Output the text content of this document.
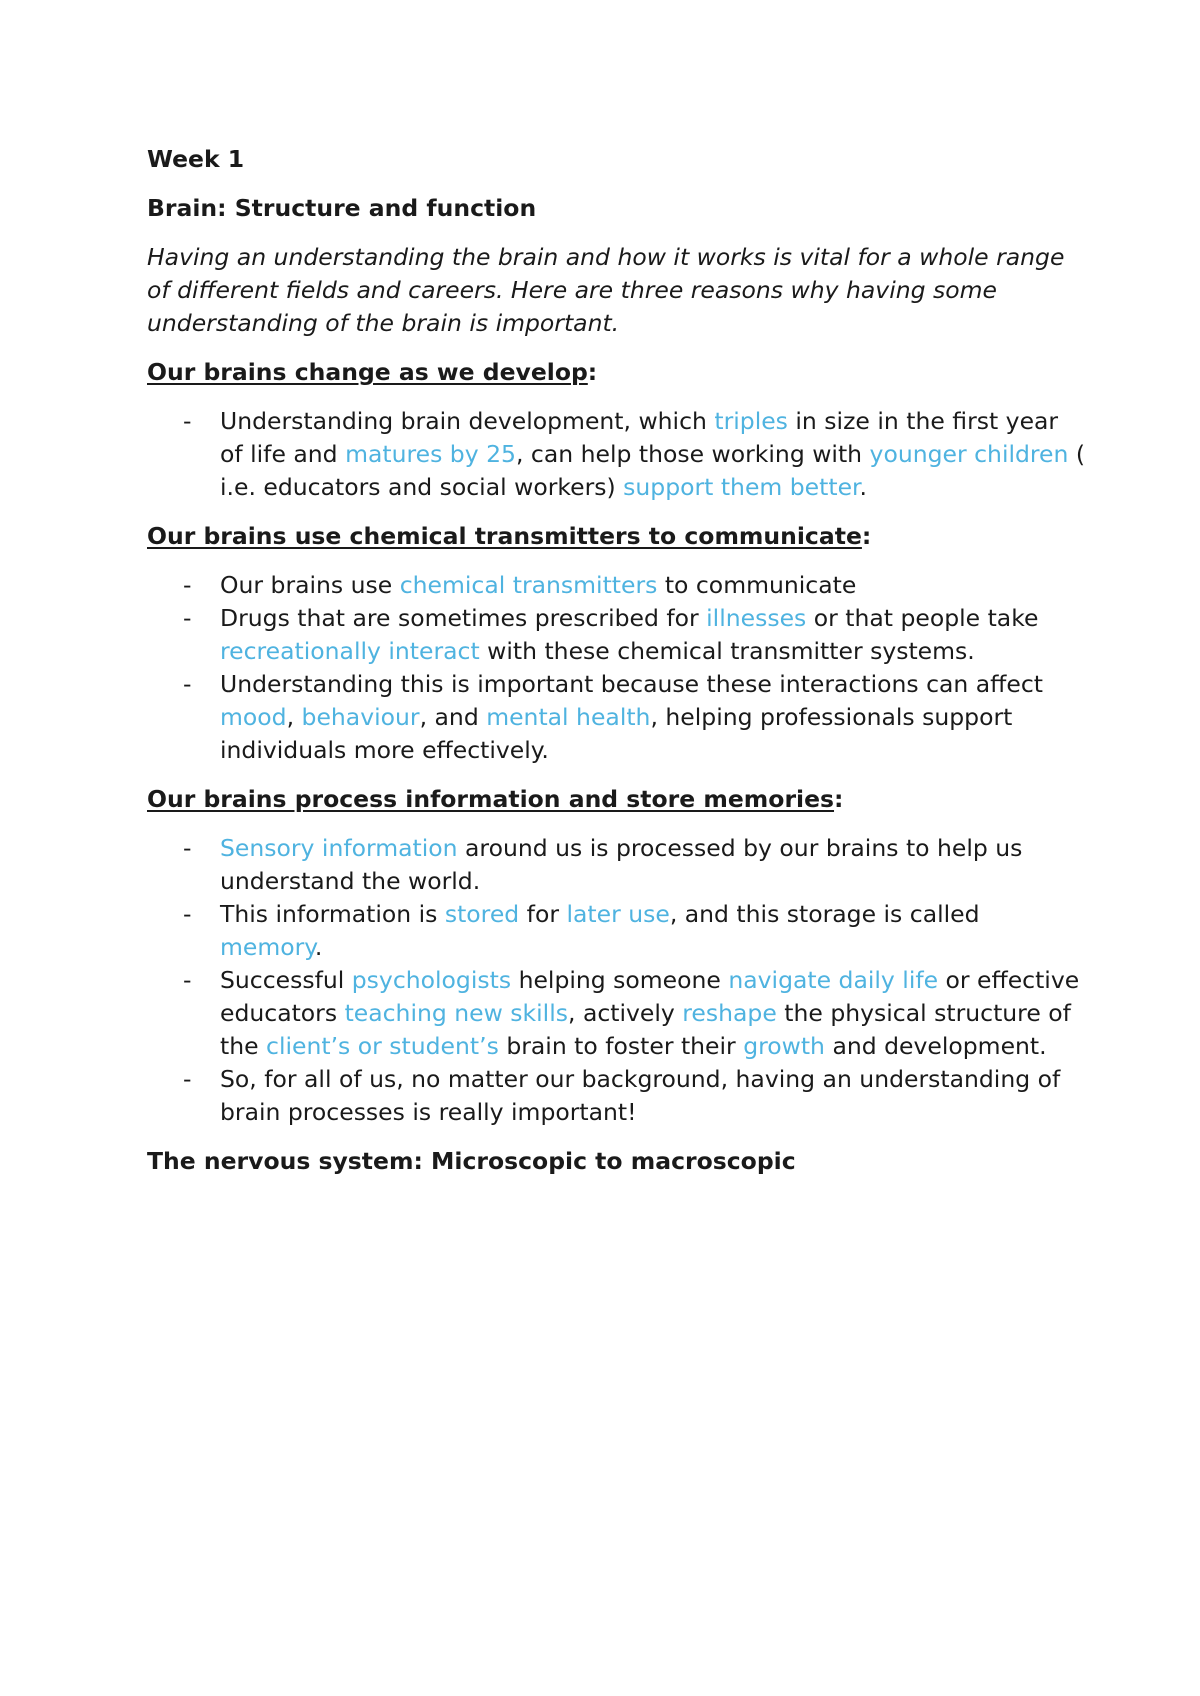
Week 1
Brain: Structure and function
Having an understanding the brain and how it works is vital for a whole range of different fields and careers. Here are three reasons why having some understanding of the brain is important.
Our brains change as we develop:
- Understanding brain development, which triples in size in the first year of life and matures by 25, can help those working with younger children ( i.e. educators and social workers) support them better.
Our brains use chemical transmitters to communicate:
- Our brains use chemical transmitters to communicate
- Drugs that are sometimes prescribed for illnesses or that people take recreationally interact with these chemical transmitter systems.
- Understanding this is important because these interactions can affect mood, behaviour, and mental health, helping professionals support individuals more effectively.
Our brains process information and store memories:
- Sensory information around us is processed by our brains to help us understand the world.
- This information is stored for later use, and this storage is called memory.
- Successful psychologists helping someone navigate daily life or effective educators teaching new skills, actively reshape the physical structure of the client’s or student’s brain to foster their growth and development.
- So, for all of us, no matter our background, having an understanding of brain processes is really important!
The nervous system: Microscopic to macroscopic
